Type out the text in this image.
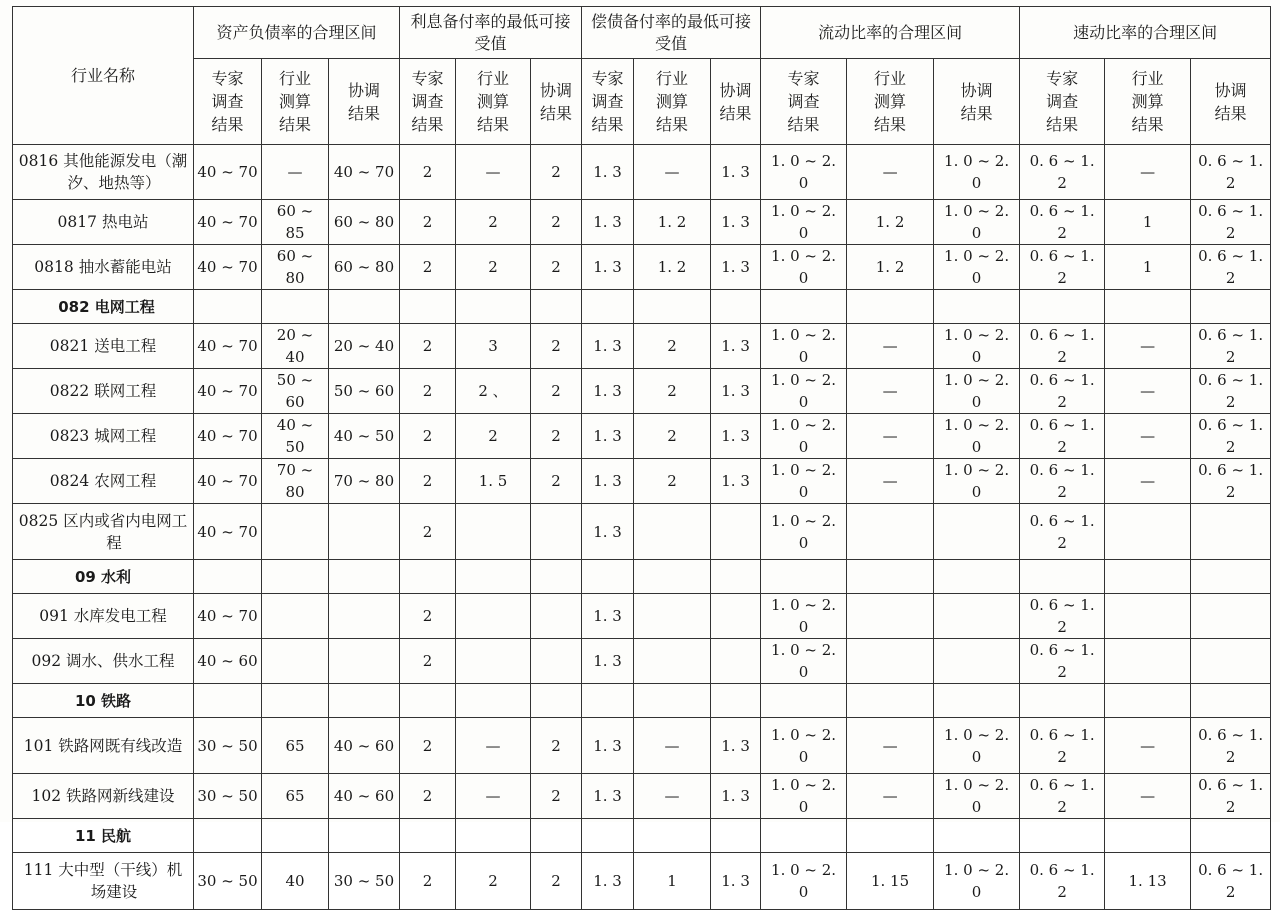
行业名称	资产负债率的合理区间			利息备付率的最低可接受值			偿债备付率的最低可接受值			流动比率的合理区间			速动比率的合理区间		

	专家
调查
结果	行业
测算
结果	协调
结果	专家
调查
结果	行业
测算
结果	协调
结果	专家
调查
结果	行业
测算
结果	协调
结果	专家
调查
结果	行业
测算
结果	协调
结果	专家
调查
结果	行业
测算
结果	协调
结果

0816 其他能源发电（潮汐、地热等）	40 ~ 70	—	40 ~ 70	2	—	2	1. 3	—	1. 3	1. 0 ~ 2. 0	—	1. 0 ~ 2. 0	0. 6 ~ 1. 2	—	0. 6 ~ 1. 2

0817 热电站	40 ~ 70	60 ~ 85	60 ~ 80	2	2	2	1. 3	1. 2	1. 3	1. 0 ~ 2. 0	1. 2	1. 0 ~ 2. 0	0. 6 ~ 1. 2	1	0. 6 ~ 1. 2

0818 抽水蓄能电站	40 ~ 70	60 ~ 80	60 ~ 80	2	2	2	1. 3	1. 2	1. 3	1. 0 ~ 2. 0	1. 2	1. 0 ~ 2. 0	0. 6 ~ 1. 2	1	0. 6 ~ 1. 2
082 电网工程															

0821 送电工程	40 ~ 70	20 ~ 40	20 ~ 40	2	3	2	1. 3	2	1. 3	1. 0 ~ 2. 0	—	1. 0 ~ 2. 0	0. 6 ~ 1. 2	—	0. 6 ~ 1. 2

0822 联网工程	40 ~ 70	50 ~ 60	50 ~ 60	2	2 、	2	1. 3	2	1. 3	1. 0 ~ 2. 0	—	1. 0 ~ 2. 0	0. 6 ~ 1. 2	—	0. 6 ~ 1. 2

0823 城网工程	40 ~ 70	40 ~ 50	40 ~ 50	2	2	2	1. 3	2	1. 3	1. 0 ~ 2. 0	—	1. 0 ~ 2. 0	0. 6 ~ 1. 2	—	0. 6 ~ 1. 2

0824 农网工程	40 ~ 70	70 ~ 80	70 ~ 80	2	1. 5	2	1. 3	2	1. 3	1. 0 ~ 2. 0	—	1. 0 ~ 2. 0	0. 6 ~ 1. 2	—	0. 6 ~ 1. 2

0825 区内或省内电网工程	40 ~ 70			2			1. 3			1. 0 ~ 2. 0			0. 6 ~ 1. 2		
09 水利															

091 水库发电工程	40 ~ 70			2			1. 3			1. 0 ~ 2. 0			0. 6 ~ 1. 2		

092 调水、供水工程	40 ~ 60			2			1. 3			1. 0 ~ 2. 0			0. 6 ~ 1. 2		
10 铁路															

101 铁路网既有线改造	30 ~ 50	65	40 ~ 60	2	—	2	1. 3	—	1. 3	1. 0 ~ 2. 0	—	1. 0 ~ 2. 0	0. 6 ~ 1. 2	—	0. 6 ~ 1. 2

102 铁路网新线建设	30 ~ 50	65	40 ~ 60	2	—	2	1. 3	—	1. 3	1. 0 ~ 2. 0	—	1. 0 ~ 2. 0	0. 6 ~ 1. 2	—	0. 6 ~ 1. 2
11 民航															

111 大中型（干线）机场建设	30 ~ 50	40	30 ~ 50	2	2	2	1. 3	1	1. 3	1. 0 ~ 2. 0	1. 15	1. 0 ~ 2. 0	0. 6 ~ 1. 2	1. 13	0. 6 ~ 1. 2
